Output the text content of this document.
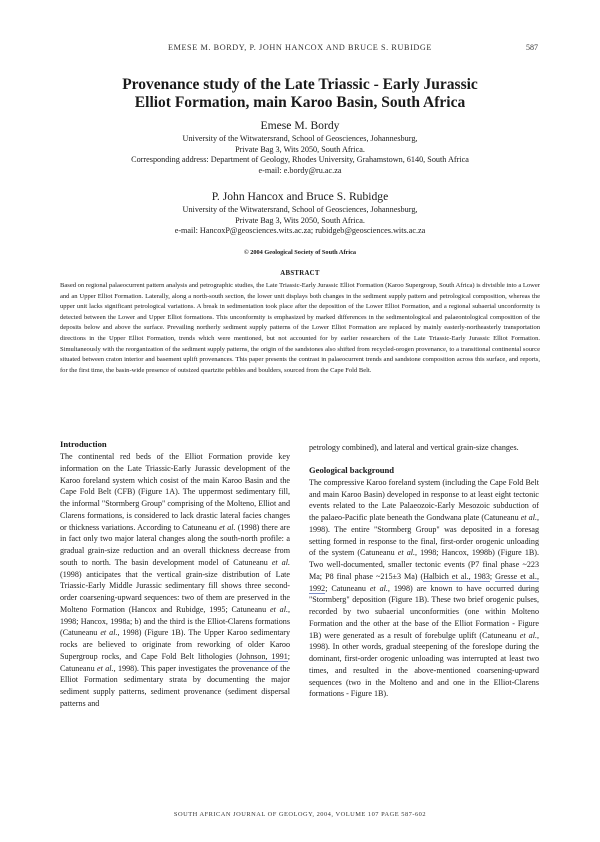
EMESE M. BORDY, P. JOHN HANCOX AND BRUCE S. RUBIDGE	587
Provenance study of the Late Triassic - Early Jurassic
Elliot Formation, main Karoo Basin, South Africa
Emese M. Bordy
University of the Witwatersrand, School of Geosciences, Johannesburg,
Private Bag 3, Wits 2050, South Africa.
Corresponding address: Department of Geology, Rhodes University, Grahamstown, 6140, South Africa
e-mail: e.bordy@ru.ac.za
P. John Hancox and Bruce S. Rubidge
University of the Witwatersrand, School of Geosciences, Johannesburg,
Private Bag 3, Wits 2050, South Africa.
e-mail: HancoxP@geosciences.wits.ac.za; rubidgeb@geosciences.wits.ac.za
© 2004 Geological Society of South Africa
ABSTRACT
Based on regional palaeocurrent pattern analysis and petrographic studies, the Late Triassic-Early Jurassic Elliot Formation (Karoo Supergroup, South Africa) is divisible into a Lower and an Upper Elliot Formation. Laterally, along a north-south section, the lower unit displays both changes in the sediment supply pattern and petrological composition, whereas the upper unit lacks significant petrological variations. A break in sedimentation took place after the deposition of the Lower Elliot Formation, and a regional subaerial unconformity is detected between the Lower and Upper Elliot formations. This unconformity is emphasized by marked differences in the sedimentological and palaeontological composition of the deposits below and above the surface. Prevailing northerly sediment supply patterns of the Lower Elliot Formation are replaced by mainly easterly-northeasterly transportation directions in the Upper Elliot Formation, trends which were mentioned, but not accounted for by earlier researchers of the Late Triassic-Early Jurassic Elliot Formation. Simultaneously with the reorganization of the sediment supply patterns, the origin of the sandstones also shifted from recycled-orogen provenance, to a transitional continental source situated between craton interior and basement uplift provenances. This paper presents the contrast in palaeocurrent trends and sandstone composition across this surface, and reports, for the first time, the basin-wide presence of outsized quartzite pebbles and boulders, sourced from the Cape Fold Belt.
Introduction

The continental red beds of the Elliot Formation provide key information on the Late Triassic-Early Jurassic development of the Karoo foreland system which cosist of the main Karoo Basin and the Cape Fold Belt (CFB) (Figure 1A). The uppermost sedimentary fill, the informal "Stormberg Group" comprising of the Molteno, Elliot and Clarens formations, is considered to lack drastic lateral facies changes or thickness variations. According to Catuneanu et al. (1998) there are in fact only two major lateral changes along the south-north profile: a gradual grain-size reduction and an overall thickness decrease from south to north. The basin development model of Catuneanu et al. (1998) anticipates that the vertical grain-size distribution of Late Triassic-Early Middle Jurassic sedimentary fill shows three second-order coarsening-upward sequences: two of them are preserved in the Molteno Formation (Hancox and Rubidge, 1995; Catuneanu et al., 1998; Hancox, 1998a; b) and the third is the Elliot-Clarens formations (Catuneanu et al., 1998) (Figure 1B). The Upper Karoo sedimentary rocks are believed to originate from reworking of older Karoo Supergroup rocks, and Cape Fold Belt lithologies (Johnson, 1991; Catuneanu et al., 1998). This paper investigates the provenance of the Elliot Formation sedimentary strata by documenting the major sediment supply patterns, sediment provenance (sediment dispersal patterns and

petrology combined), and lateral and vertical grain-size changes.

Geological background

The compressive Karoo foreland system (including the Cape Fold Belt and main Karoo Basin) developed in response to at least eight tectonic events related to the Late Palaeozoic-Early Mesozoic subduction of the palaeo-Pacific plate beneath the Gondwana plate (Catuneanu et al., 1998). The entire "Stormberg Group" was deposited in a foresag setting formed in response to the final, first-order orogenic unloading of the system (Catuneanu et al., 1998; Hancox, 1998b) (Figure 1B). Two well-documented, smaller tectonic events (P7 final phase ~223 Ma; P8 final phase ~215±3 Ma) (Halbich et al., 1983; Gresse et al., 1992; Catuneanu et al., 1998) are known to have occurred during "Stormberg" deposition (Figure 1B). These two brief orogenic pulses, recorded by two subaerial unconformities (one within Molteno Formation and the other at the base of the Elliot Formation - Figure 1B) were generated as a result of forebulge uplift (Catuneanu et al., 1998). In other words, gradual steepening of the foreslope during the dominant, first-order orogenic unloading was interrupted at least two times, and resulted in the above-mentioned coarsening-upward sequences (two in the Molteno and and one in the Elliot-Clarens formations - Figure 1B).

SOUTH AFRICAN JOURNAL OF GEOLOGY, 2004, VOLUME 107 PAGE 587-602
